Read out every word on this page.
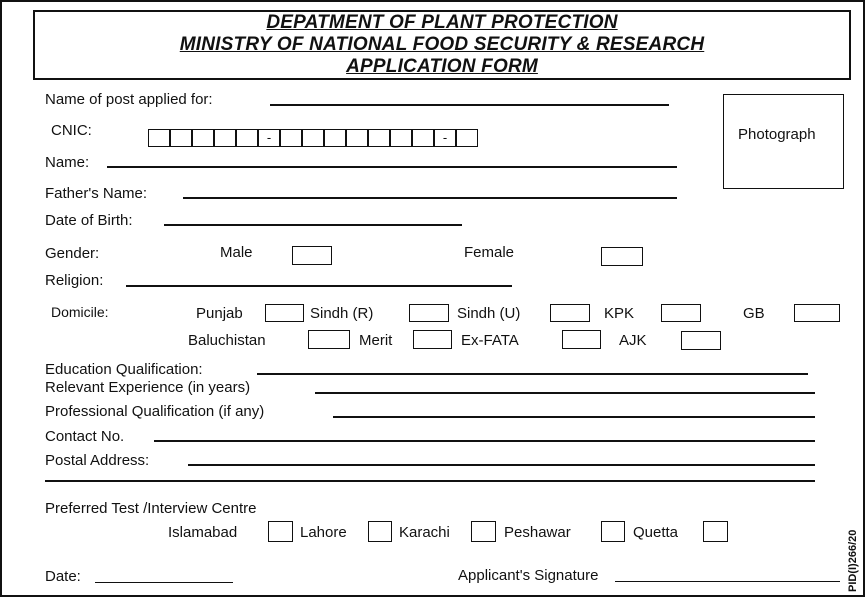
DEPATMENT OF PLANT PROTECTION
MINISTRY OF NATIONAL FOOD SECURITY & RESEARCH
APPLICATION FORM
Photograph
Name of post applied for:
CNIC:	-	-
Name:
Father's Name:
Date of Birth:
Gender:	Male	Female
Religion:
Domicile:	Punjab	Sindh (R)	Sindh (U)	KPK	GB
Baluchistan	Merit	Ex-FATA	AJK
Education Qualification:
Relevant Experience (in years)
Professional Qualification (if any)
Contact No.
Postal Address:
Preferred Test /Interview Centre
Islamabad	Lahore	Karachi	Peshawar	Quetta
Date:	Applicant's Signature	PID(I)266/20
